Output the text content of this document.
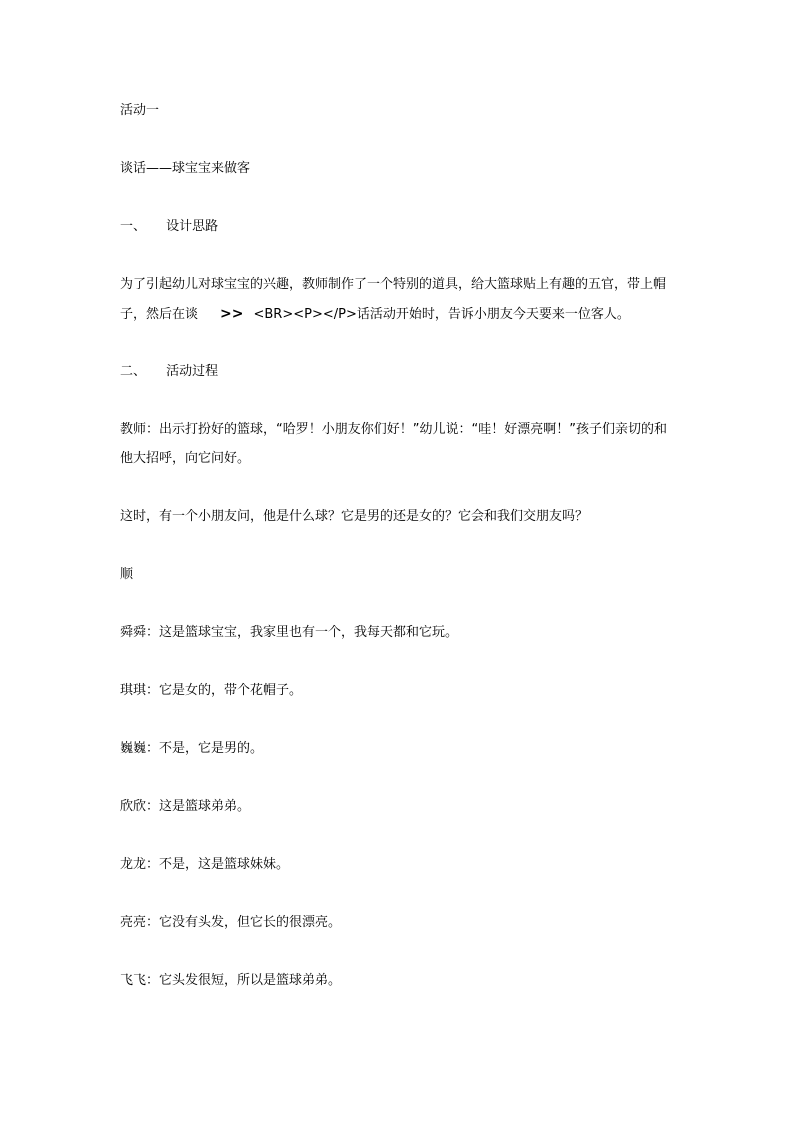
活动一
谈话——球宝宝来做客
一、 设计思路
为了引起幼儿对球宝宝的兴趣，教师制作了一个特别的道具，给大篮球贴上有趣的五官，带上帽
子，然后在谈 >> <BR><P></P>话活动开始时，告诉小朋友今天要来一位客人。
二、 活动过程
教师：出示打扮好的篮球，“哈罗！小朋友你们好！”幼儿说：“哇！好漂亮啊！”孩子们亲切的和
他大招呼，向它问好。
这时，有一个小朋友问，他是什么球？它是男的还是女的？它会和我们交朋友吗？
顺
舜舜：这是篮球宝宝，我家里也有一个，我每天都和它玩。
琪琪：它是女的，带个花帽子。
巍巍：不是，它是男的。
欣欣：这是篮球弟弟。
龙龙：不是，这是篮球妹妹。
亮亮：它没有头发，但它长的很漂亮。
飞飞：它头发很短，所以是篮球弟弟。
